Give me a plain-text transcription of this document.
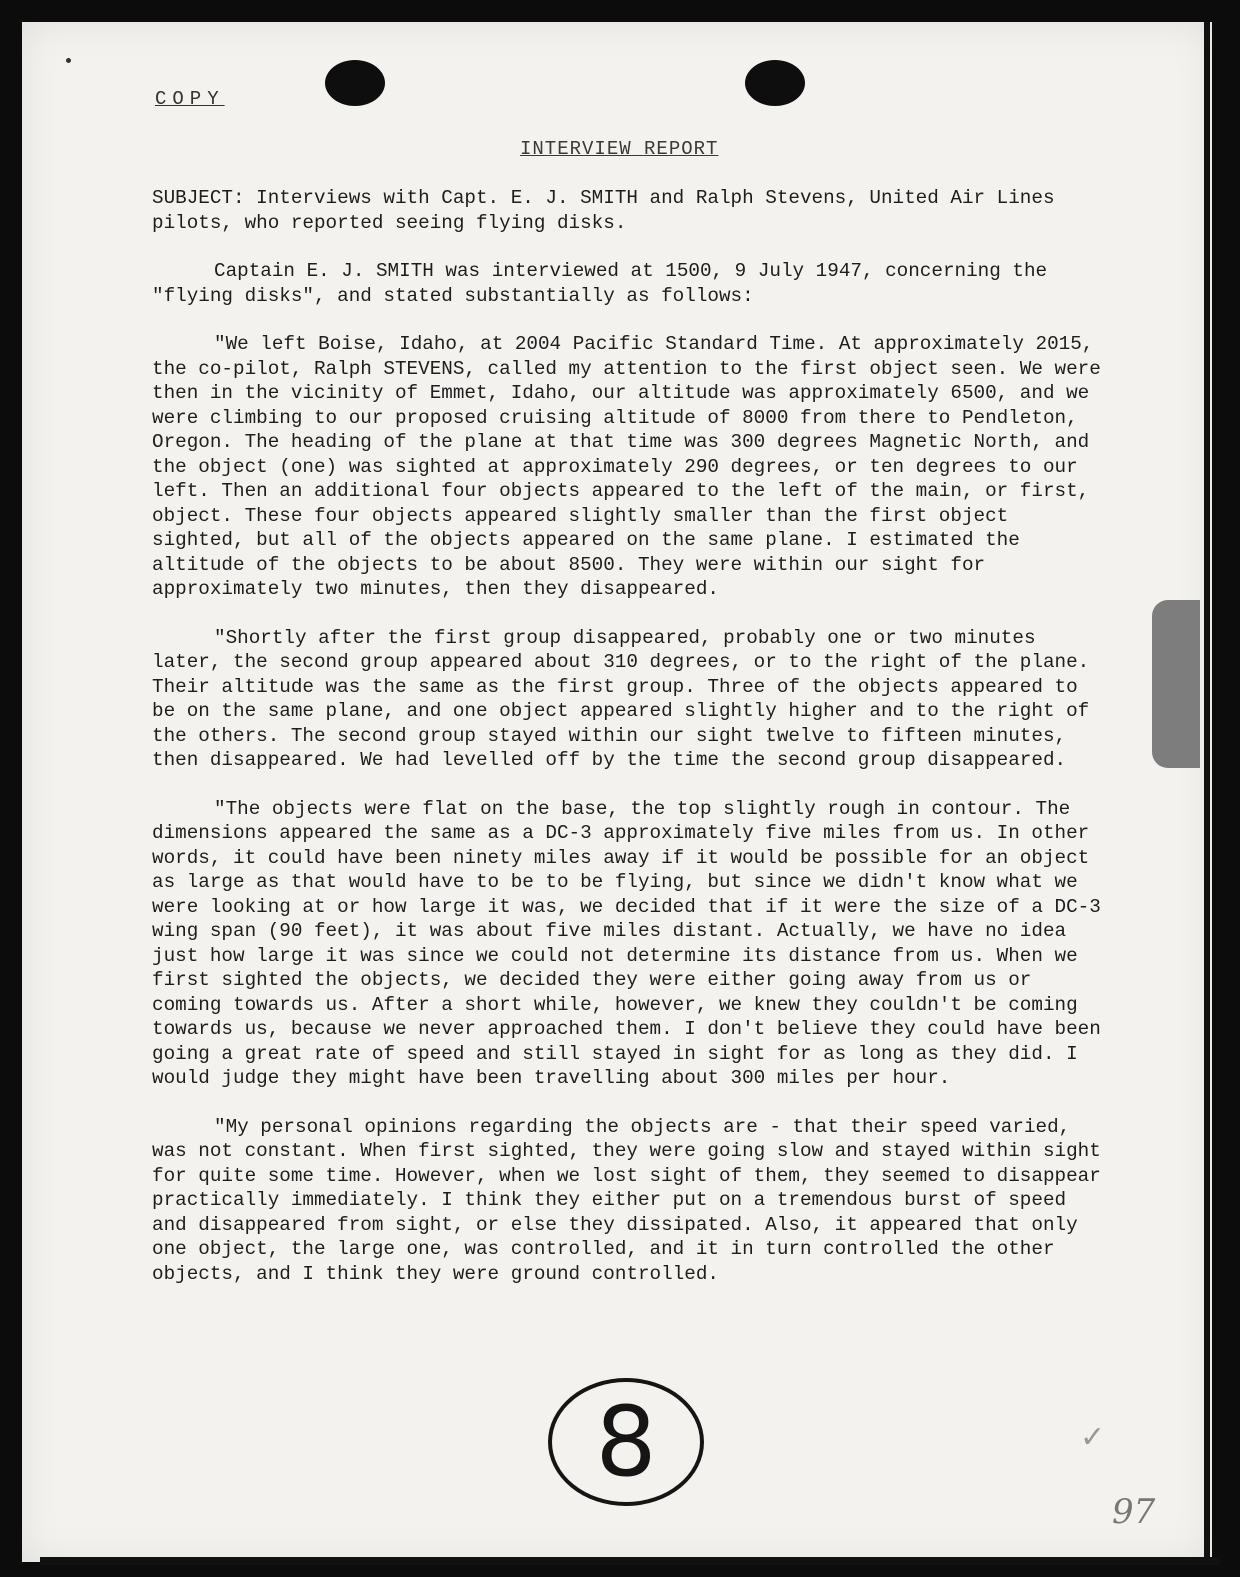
COPY
INTERVIEW REPORT

SUBJECT: Interviews with Capt. E. J. SMITH and Ralph Stevens, United Air Lines pilots, who reported seeing flying disks.

Captain E. J. SMITH was interviewed at 1500, 9 July 1947, concerning the "flying disks", and stated substantially as follows:

"We left Boise, Idaho, at 2004 Pacific Standard Time. At approximately 2015, the co-pilot, Ralph STEVENS, called my attention to the first object seen. We were then in the vicinity of Emmet, Idaho, our altitude was approximately 6500, and we were climbing to our proposed cruising altitude of 8000 from there to Pendleton, Oregon. The heading of the plane at that time was 300 degrees Magnetic North, and the object (one) was sighted at approximately 290 degrees, or ten degrees to our left. Then an additional four objects appeared to the left of the main, or first, object. These four objects appeared slightly smaller than the first object sighted, but all of the objects appeared on the same plane. I estimated the altitude of the objects to be about 8500. They were within our sight for approximately two minutes, then they disappeared.

"Shortly after the first group disappeared, probably one or two minutes later, the second group appeared about 310 degrees, or to the right of the plane. Their altitude was the same as the first group. Three of the objects appeared to be on the same plane, and one object appeared slightly higher and to the right of the others. The second group stayed within our sight twelve to fifteen minutes, then disappeared. We had levelled off by the time the second group disappeared.

"The objects were flat on the base, the top slightly rough in contour. The dimensions appeared the same as a DC-3 approximately five miles from us. In other words, it could have been ninety miles away if it would be possible for an object as large as that would have to be to be flying, but since we didn't know what we were looking at or how large it was, we decided that if it were the size of a DC-3 wing span (90 feet), it was about five miles distant. Actually, we have no idea just how large it was since we could not determine its distance from us. When we first sighted the objects, we decided they were either going away from us or coming towards us. After a short while, however, we knew they couldn't be coming towards us, because we never approached them. I don't believe they could have been going a great rate of speed and still stayed in sight for as long as they did. I would judge they might have been travelling about 300 miles per hour.

"My personal opinions regarding the objects are - that their speed varied, was not constant. When first sighted, they were going slow and stayed within sight for quite some time. However, when we lost sight of them, they seemed to disappear practically immediately. I think they either put on a tremendous burst of speed and disappeared from sight, or else they dissipated. Also, it appeared that only one object, the large one, was controlled, and it in turn controlled the other objects, and I think they were ground controlled.

8	✓
97
